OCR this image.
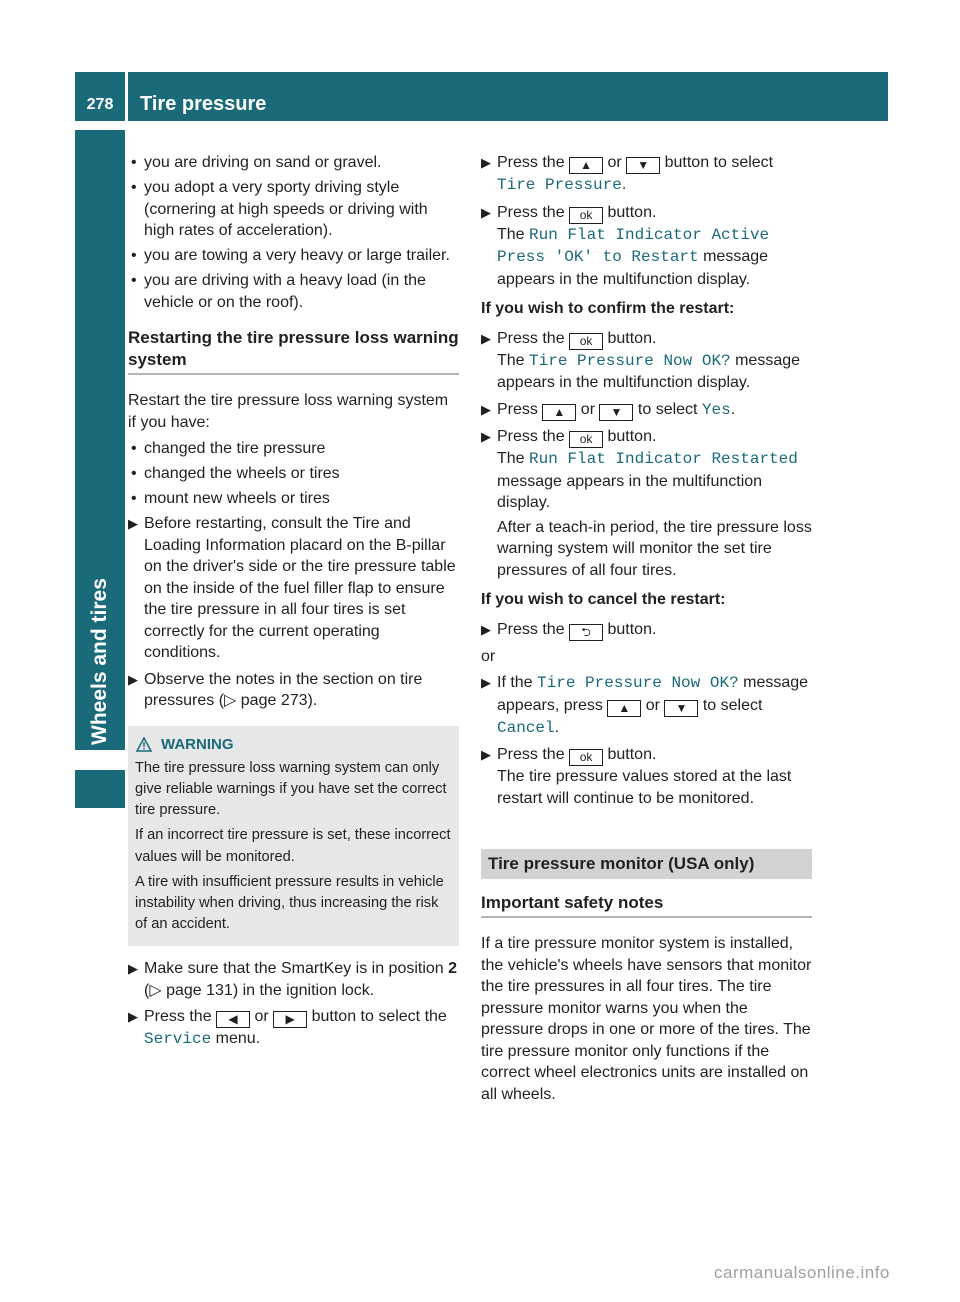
278	Tire pressure
Wheels and tires
• you are driving on sand or gravel.
• you adopt a very sporty driving style (cornering at high speeds or driving with high rates of acceleration).
• you are towing a very heavy or large trailer.
• you are driving with a heavy load (in the vehicle or on the roof).
Restarting the tire pressure loss warning system
Restart the tire pressure loss warning system if you have:
• changed the tire pressure
• changed the wheels or tires
• mount new wheels or tires
▶ Before restarting, consult the Tire and Loading Information placard on the B-pillar on the driver's side or the tire pressure table on the inside of the fuel filler flap to ensure the tire pressure in all four tires is set correctly for the current operating conditions.

▶ Observe the notes in the section on tire pressures (▷ page 273).

WARNING

The tire pressure loss warning system can only give reliable warnings if you have set the correct tire pressure.

If an incorrect tire pressure is set, these incorrect values will be monitored.

A tire with insufficient pressure results in vehicle instability when driving, thus increasing the risk of an accident.

▶ Make sure that the SmartKey is in position 2 (▷ page 131) in the ignition lock.

▶ Press the ◀ or ▶ button to select the Service menu.

▶ Press the ▲ or ▼ button to select
Tire Pressure.

▶ Press the ok button.
The Run Flat Indicator Active
Press 'OK' to Restart message
appears in the multifunction display.

If you wish to confirm the restart:
▶ Press the ok button.
The Tire Pressure Now OK? message
appears in the multifunction display.

▶ Press ▲ or ▼ to select Yes.

▶ Press the ok button.
The Run Flat Indicator Restarted
message appears in the multifunction display.

After a teach-in period, the tire pressure loss warning system will monitor the set tire pressures of all four tires.

If you wish to cancel the restart:
▶ Press the ⮌ button.

or
▶ If the Tire Pressure Now OK? message
appears, press ▲ or ▼ to select
Cancel.

▶ Press the ok button.
The tire pressure values stored at the last restart will continue to be monitored.

Tire pressure monitor (USA only)
Important safety notes
If a tire pressure monitor system is installed, the vehicle's wheels have sensors that monitor the tire pressures in all four tires. The tire pressure monitor warns you when the pressure drops in one or more of the tires. The tire pressure monitor only functions if the correct wheel electronics units are installed on all wheels.
carmanualsonline.info
